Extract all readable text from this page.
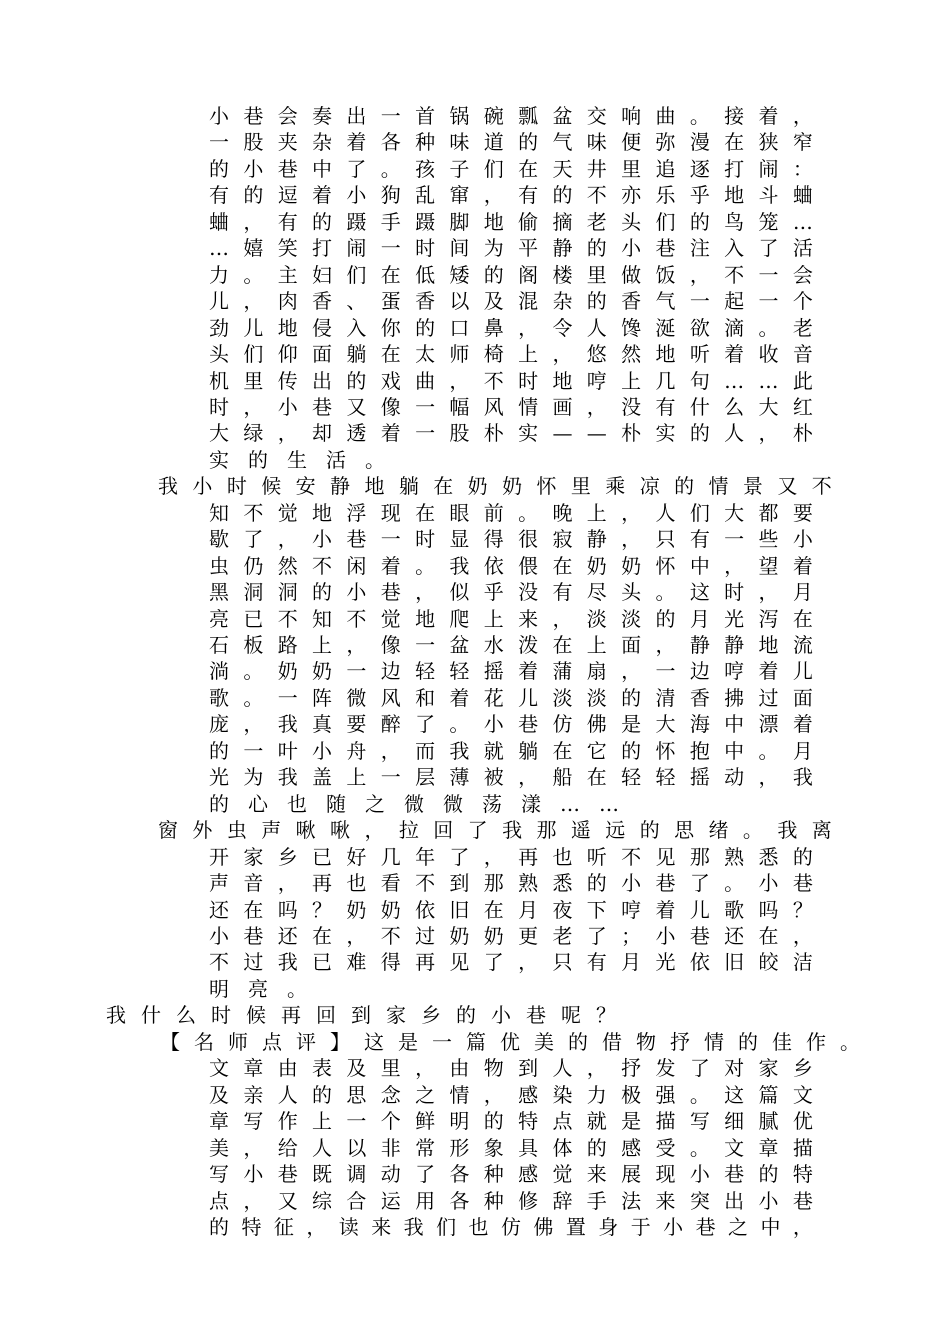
小 巷 会 奏 出 一 首 锅 碗 瓢 盆 交 响 曲 。 接 着 ，
一 股 夹 杂 着 各 种 味 道 的 气 味 便 弥 漫 在 狭 窄
的 小 巷 中 了 。 孩 子 们 在 天 井 里 追 逐 打 闹 ：
有 的 逗 着 小 狗 乱 窜 ， 有 的 不 亦 乐 乎 地 斗 蛐
蛐 ， 有 的 蹑 手 蹑 脚 地 偷 摘 老 头 们 的 鸟 笼 …
… 嬉 笑 打 闹 一 时 间 为 平 静 的 小 巷 注 入 了 活
力 。 主 妇 们 在 低 矮 的 阁 楼 里 做 饭 ， 不 一 会
儿 ， 肉 香 、 蛋 香 以 及 混 杂 的 香 气 一 起 一 个
劲 儿 地 侵 入 你 的 口 鼻 ， 令 人 馋 涎 欲 滴 。 老
头 们 仰 面 躺 在 太 师 椅 上 ， 悠 然 地 听 着 收 音
机 里 传 出 的 戏 曲 ， 不 时 地 哼 上 几 句 … … 此
时 ， 小 巷 又 像 一 幅 风 情 画 ， 没 有 什 么 大 红
大 绿 ， 却 透 着 一 股 朴 实 — — 朴 实 的 人 ， 朴
实 的 生 活 。
我 小 时 候 安 静 地 躺 在 奶 奶 怀 里 乘 凉 的 情 景 又 不
知 不 觉 地 浮 现 在 眼 前 。 晚 上 ， 人 们 大 都 要
歇 了 ， 小 巷 一 时 显 得 很 寂 静 ， 只 有 一 些 小
虫 仍 然 不 闲 着 。 我 依 偎 在 奶 奶 怀 中 ， 望 着
黑 洞 洞 的 小 巷 ， 似 乎 没 有 尽 头 。 这 时 ， 月
亮 已 不 知 不 觉 地 爬 上 来 ， 淡 淡 的 月 光 泻 在
石 板 路 上 ， 像 一 盆 水 泼 在 上 面 ， 静 静 地 流
淌 。 奶 奶 一 边 轻 轻 摇 着 蒲 扇 ， 一 边 哼 着 儿
歌 。 一 阵 微 风 和 着 花 儿 淡 淡 的 清 香 拂 过 面
庞 ， 我 真 要 醉 了 。 小 巷 仿 佛 是 大 海 中 漂 着
的 一 叶 小 舟 ， 而 我 就 躺 在 它 的 怀 抱 中 。 月
光 为 我 盖 上 一 层 薄 被 ， 船 在 轻 轻 摇 动 ， 我
的 心 也 随 之 微 微 荡 漾 … …
窗 外 虫 声 啾 啾 ， 拉 回 了 我 那 遥 远 的 思 绪 。 我 离
开 家 乡 已 好 几 年 了 ， 再 也 听 不 见 那 熟 悉 的
声 音 ， 再 也 看 不 到 那 熟 悉 的 小 巷 了 。 小 巷
还 在 吗 ？ 奶 奶 依 旧 在 月 夜 下 哼 着 儿 歌 吗 ？
小 巷 还 在 ， 不 过 奶 奶 更 老 了 ； 小 巷 还 在 ，
不 过 我 已 难 得 再 见 了 ， 只 有 月 光 依 旧 皎 洁
明 亮 。
我 什 么 时 候 再 回 到 家 乡 的 小 巷 呢 ？
【 名 师 点 评 】 这 是 一 篇 优 美 的 借 物 抒 情 的 佳 作 。
文 章 由 表 及 里 ， 由 物 到 人 ， 抒 发 了 对 家 乡
及 亲 人 的 思 念 之 情 ， 感 染 力 极 强 。 这 篇 文
章 写 作 上 一 个 鲜 明 的 特 点 就 是 描 写 细 腻 优
美 ， 给 人 以 非 常 形 象 具 体 的 感 受 。 文 章 描
写 小 巷 既 调 动 了 各 种 感 觉 来 展 现 小 巷 的 特
点 ， 又 综 合 运 用 各 种 修 辞 手 法 来 突 出 小 巷
的 特 征 ， 读 来 我 们 也 仿 佛 置 身 于 小 巷 之 中 ，
